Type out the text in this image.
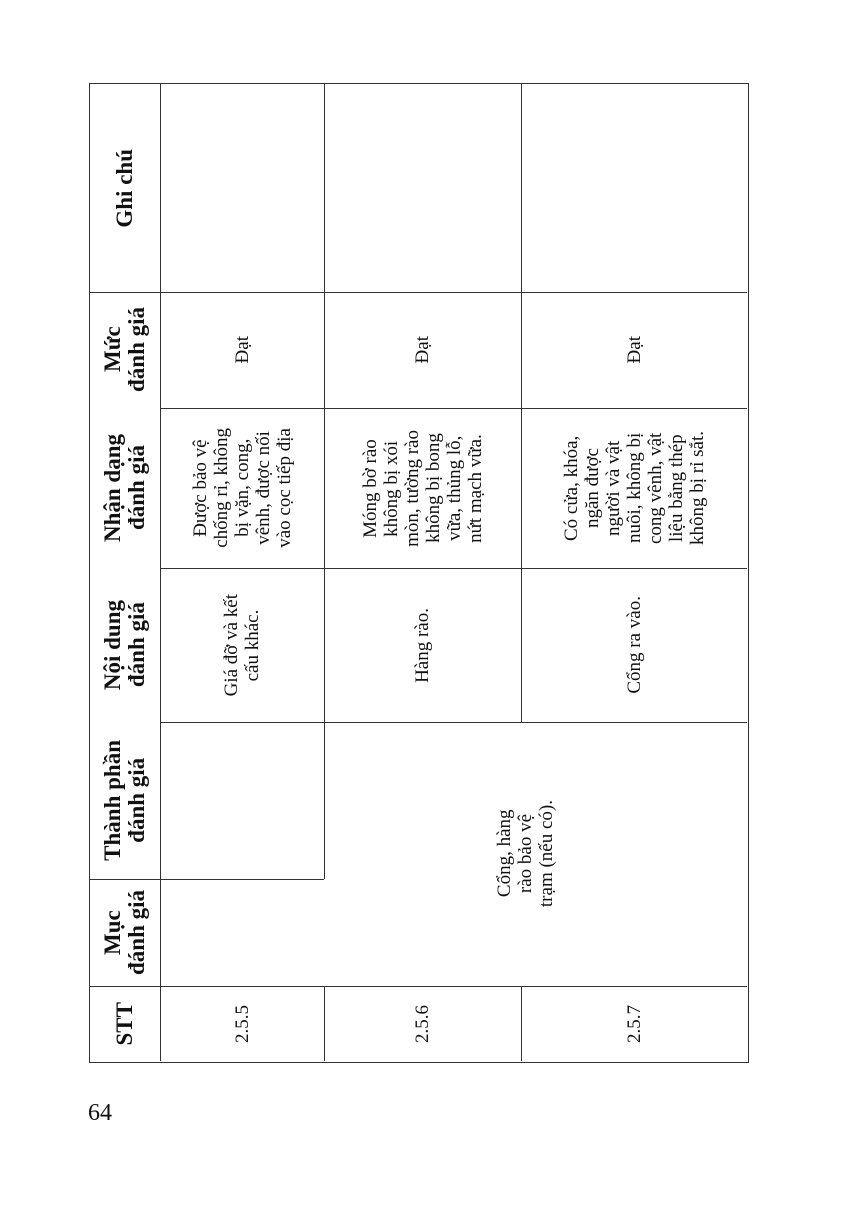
Ghi chú
Mức
đánh giá
Nhận dạng
đánh giá
Nội dung
đánh giá
Thành phần
đánh giá
Mục
đánh giá
STT
Cổng, hàng
rào bảo vệ
trạm (nếu có).
Đạt
Được bảo vệ
chống rỉ, không
bị vặn, cong,
vênh, được nối
vào cọc tiếp địa
Giá đỡ và kết
cấu khác.
2.5.5
Đạt
Móng bờ rào
không bị xói
mòn, tường rào
không bị bong
vữa, thủng lỗ,
nứt mạch vữa.
Hàng rào.
2.5.6
Đạt
Có cửa, khóa,
ngăn được
người và vật
nuôi, không bị
cong vênh, vật
liệu bằng thép
không bị rỉ sắt.
Cổng ra vào.
2.5.7
64
